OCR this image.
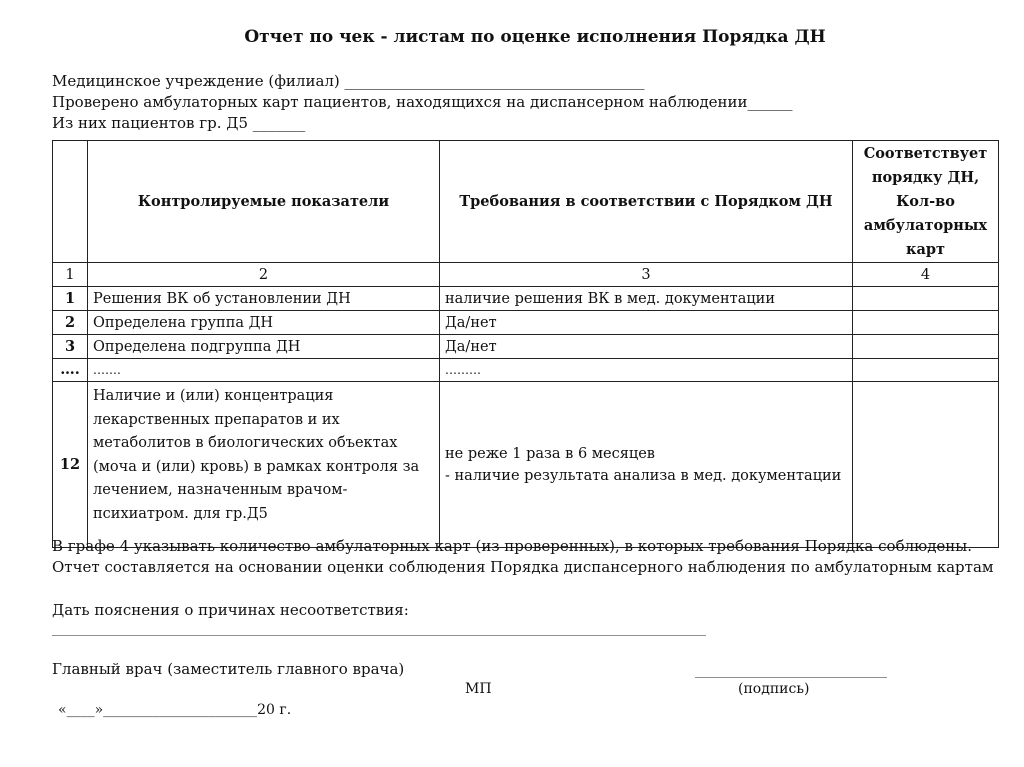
Отчет по чек - листам по оценке исполнения Порядка ДН
Медицинское учреждение (филиал) ________________________________________
Проверено амбулаторных карт пациентов, находящихся на диспансерном наблюдении______
Из них пациентов гр. Д5 _______
	Контролируемые показатели	Требования в соответствии с Порядком ДН	Соответствует порядку ДН, Кол-во амбулаторных карт
1	2	3	4
1	Решения ВК об установлении ДН	наличие решения ВК в мед. документации	
2	Определена группа ДН	Да/нет	
3	Определена подгруппа ДН	Да/нет	
….	…….	………	
12	Наличие и (или) концентрация лекарственных препаратов и их метаболитов в биологических объектах (моча и (или) кровь) в рамках контроля за лечением, назначенным врачом-психиатром. для гр.Д5	не реже 1 раза в 6 месяцев
- наличие результата анализа в мед. документации	

В графе 4 указывать количество амбулаторных карт (из проверенных), в которых требования Порядка соблюдены.
Отчет составляется на основании оценки соблюдения Порядка диспансерного наблюдения по амбулаторным картам
Дать пояснения о причинах несоответствия:
_____________________________________________________________________________________________________________
Главный врач (заместитель главного врача)	________________________________
МП	(подпись)
«____»______________________20 г.
